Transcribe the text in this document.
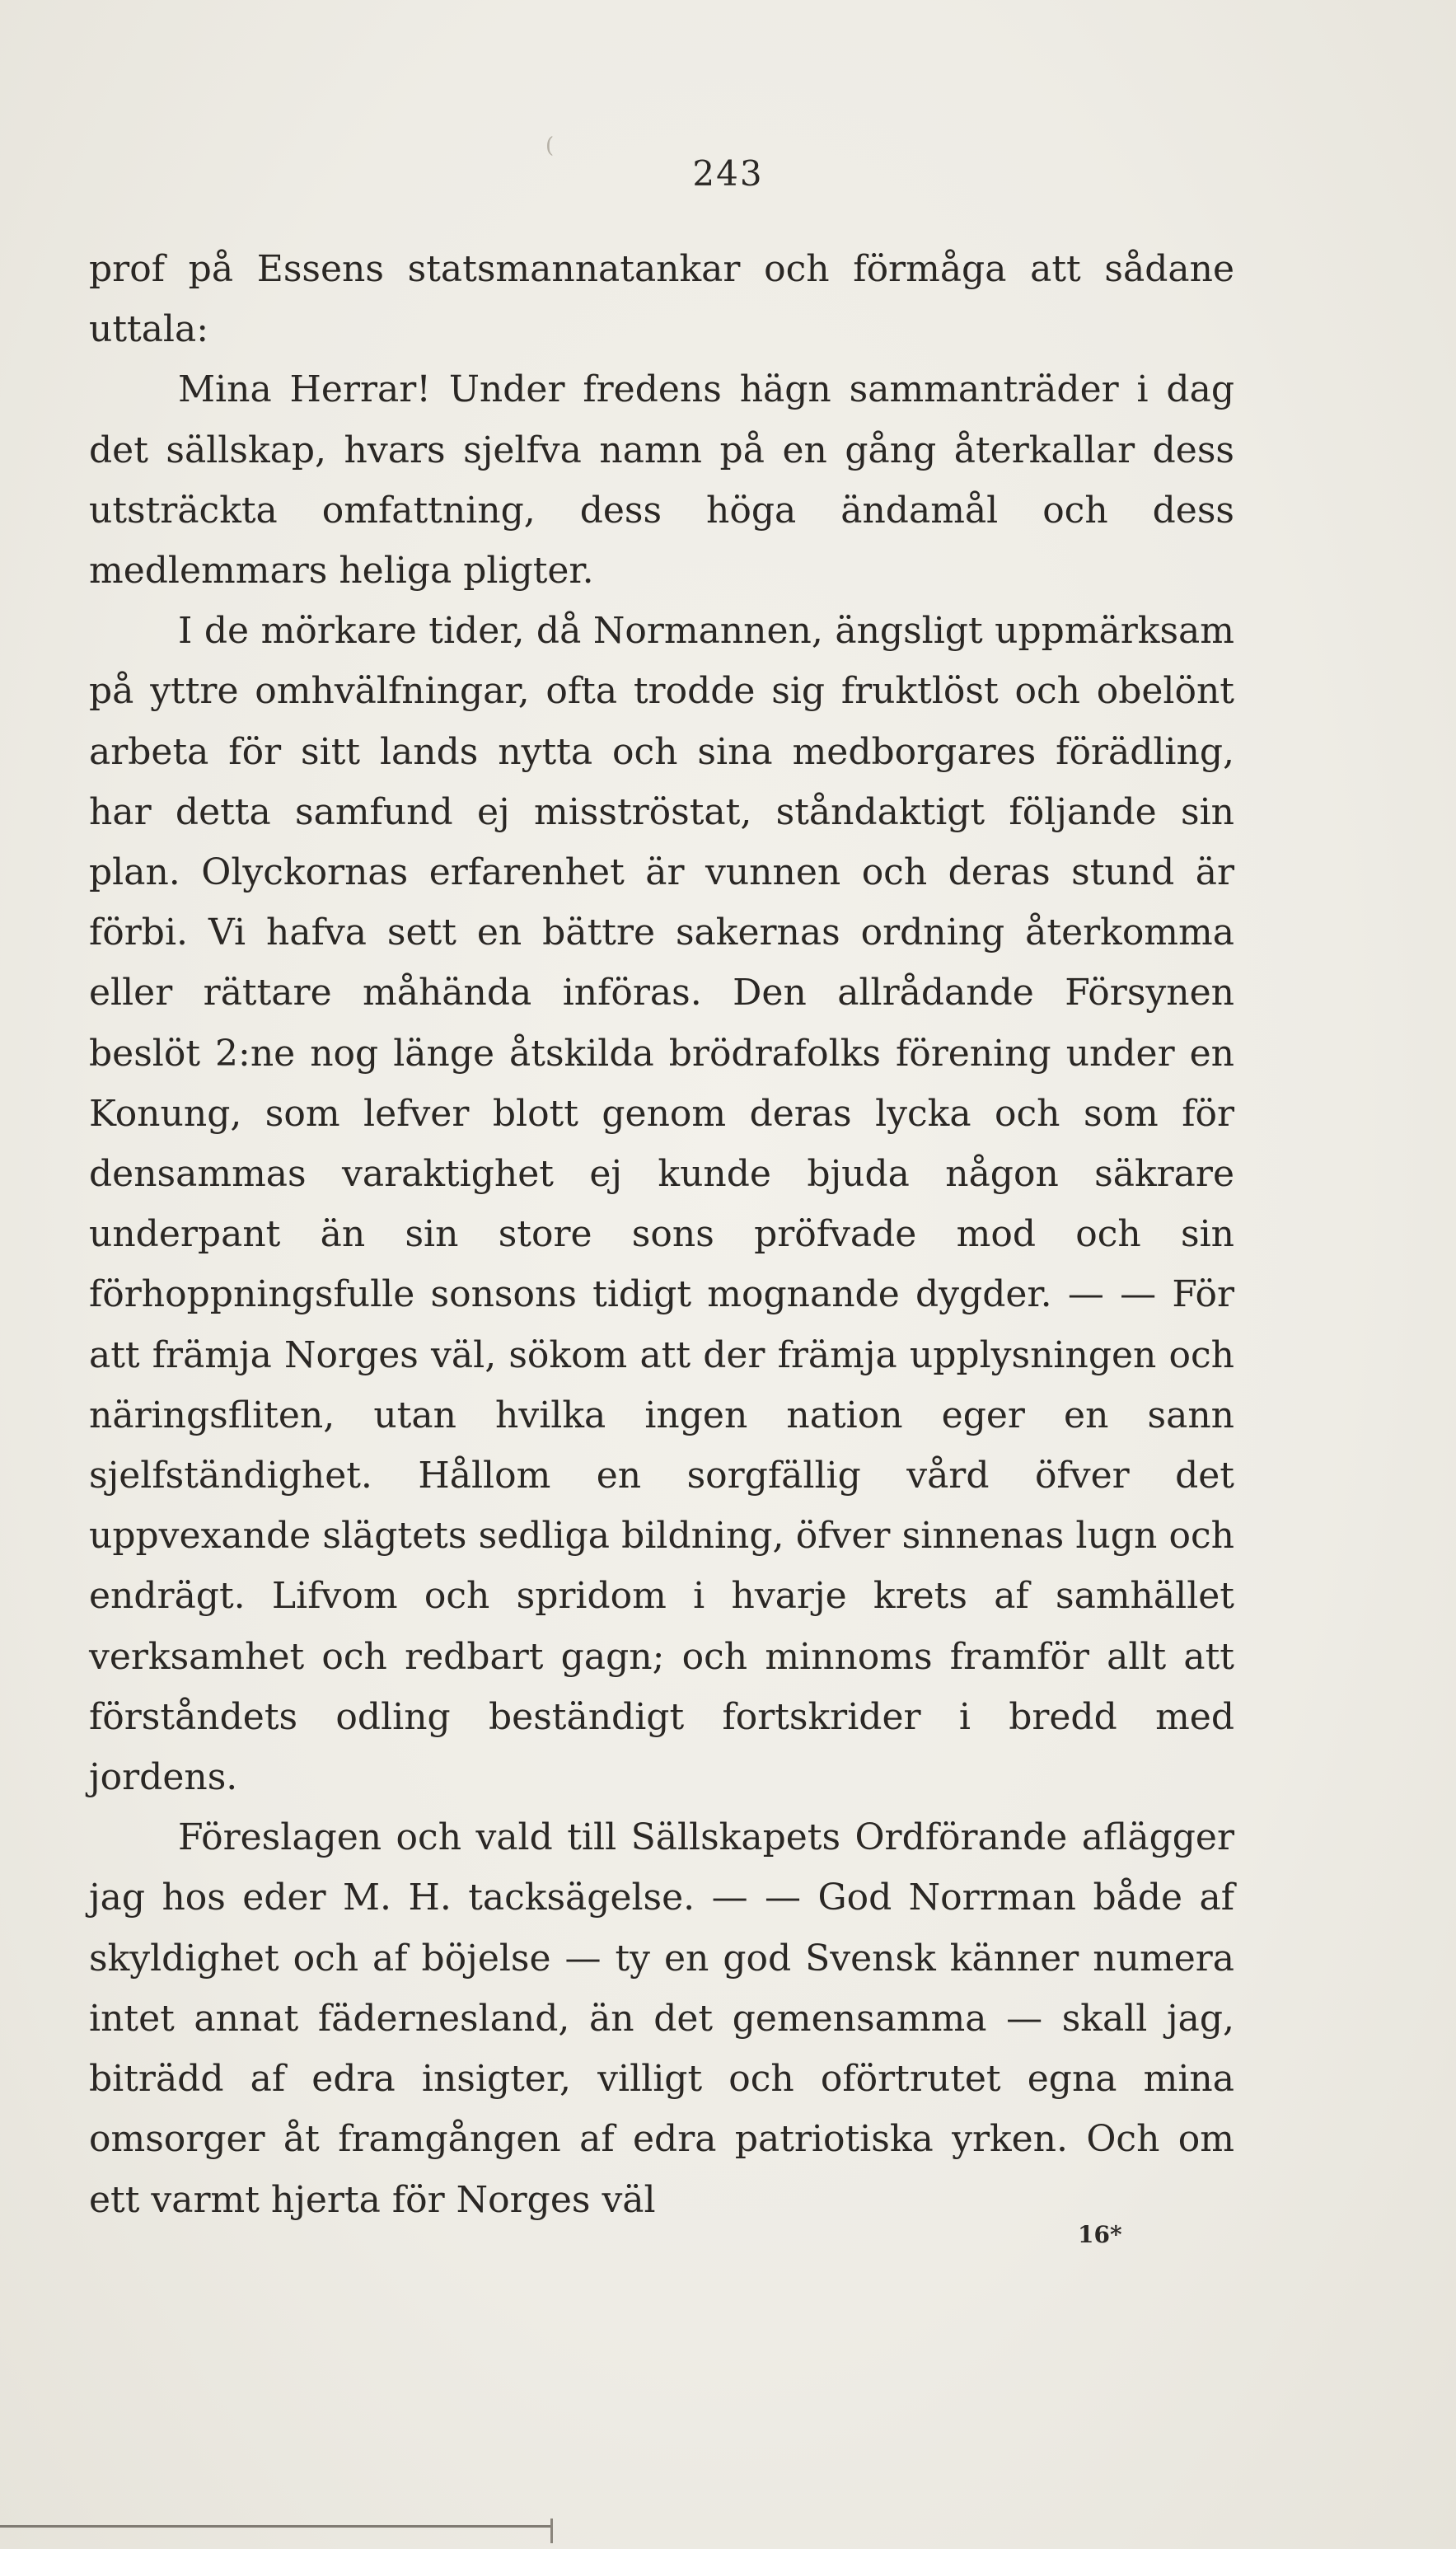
(
243

prof på Essens statsmannatankar och förmåga att sådane uttala:

Mina Herrar! Under fredens hägn sammanträder i dag det sällskap, hvars sjelfva namn på en gång återkallar dess utsträckta omfattning, dess höga ändamål och dess medlemmars heliga pligter.

I de mörkare tider, då Normannen, ängsligt uppmärksam på yttre omhvälfningar, ofta trodde sig fruktlöst och obelönt arbeta för sitt lands nytta och sina medborgares förädling, har detta samfund ej misströstat, ståndaktigt följande sin plan. Olyckornas erfarenhet är vunnen och deras stund är förbi. Vi hafva sett en bättre sakernas ordning återkomma eller rättare måhända införas. Den allrådande Försynen beslöt 2:ne nog länge åtskilda brödrafolks förening under en Konung, som lefver blott genom deras lycka och som för densammas varaktighet ej kunde bjuda någon säkrare underpant än sin store sons pröfvade mod och sin förhoppningsfulle sonsons tidigt mognande dygder. — — För att främja Norges väl, sökom att der främja upplysningen och näringsfliten, utan hvilka ingen nation eger en sann sjelfständighet. Hållom en sorgfällig vård öfver det uppvexande slägtets sedliga bildning, öfver sinnenas lugn och endrägt. Lifvom och spridom i hvarje krets af samhället verksamhet och redbart gagn; och minnoms framför allt att förståndets odling beständigt fortskrider i bredd med jordens.

Föreslagen och vald till Sällskapets Ordförande aflägger jag hos eder M. H. tacksägelse. — — God Norrman både af skyldighet och af böjelse — ty en god Svensk känner numera intet annat fädernesland, än det gemensamma — skall jag, biträdd af edra insigter, villigt och oförtrutet egna mina omsorger åt framgången af edra patriotiska yrken. Och om ett varmt hjerta för Norges väl

16*
